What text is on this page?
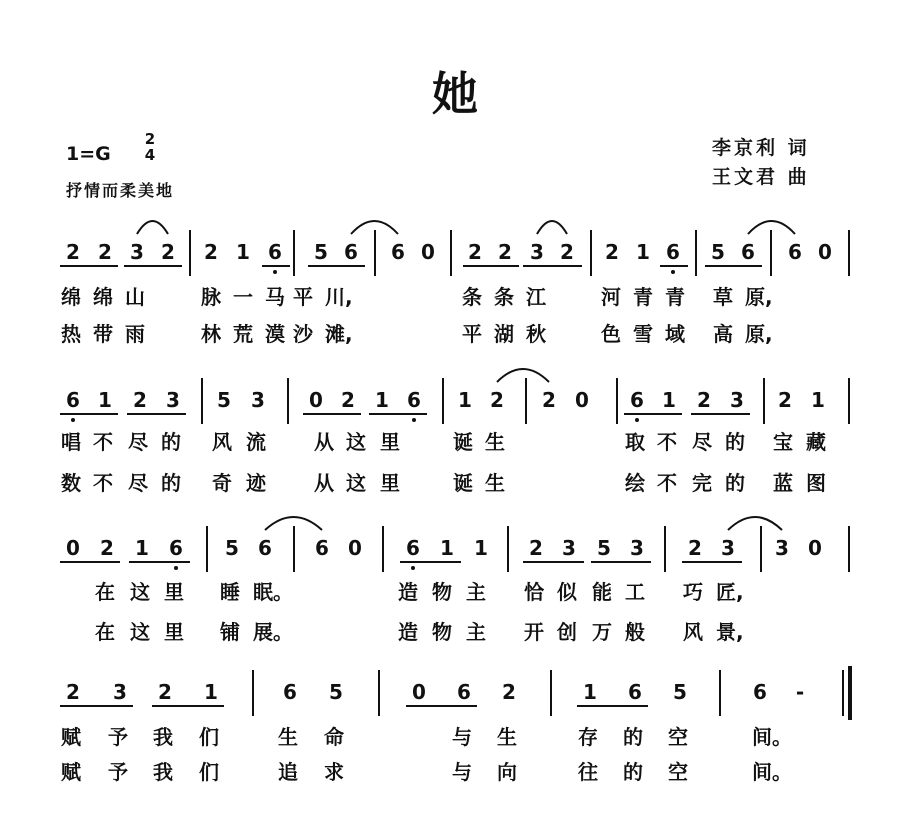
她
1=G
2
4
抒情而柔美地
李京利 词
王文君 曲
2 2 3 2 2 1 6 5 6 6 0 2 2 3 2 2 1 6 5 6 6 0
绵 绵 山	脉 一 马 平 川,	条 条 江	河 青 青 草 原,
热 带 雨	林 荒 漠 沙 滩,	平 湖 秋	色 雪 域 高 原,
6 1 2 3 5 3 0 2 1 6 1 2 2 0 6 1 2 3 2 1
唱 不 尽 的 风 流 从 这 里	诞 生	取 不 尽 的 宝 藏
数 不 尽 的 奇 迹 从 这 里	诞 生	绘 不 完 的 蓝 图
0 2 1 6 5 6 6 0 6 1 1 2 3 5 3 2 3 3 0
在 这 里 睡 眠。	造 物 主 恰 似 能 工 巧 匠,
在 这 里 铺 展。	造 物 主 开 创 万 般 风 景,
2 3 2 1	6 5	0 6 2	1 6 5	6	-
赋 予 我 们	生 命	与 生	存 的 空	间。
赋 予 我 们	追 求	与 向	往 的 空	间。
